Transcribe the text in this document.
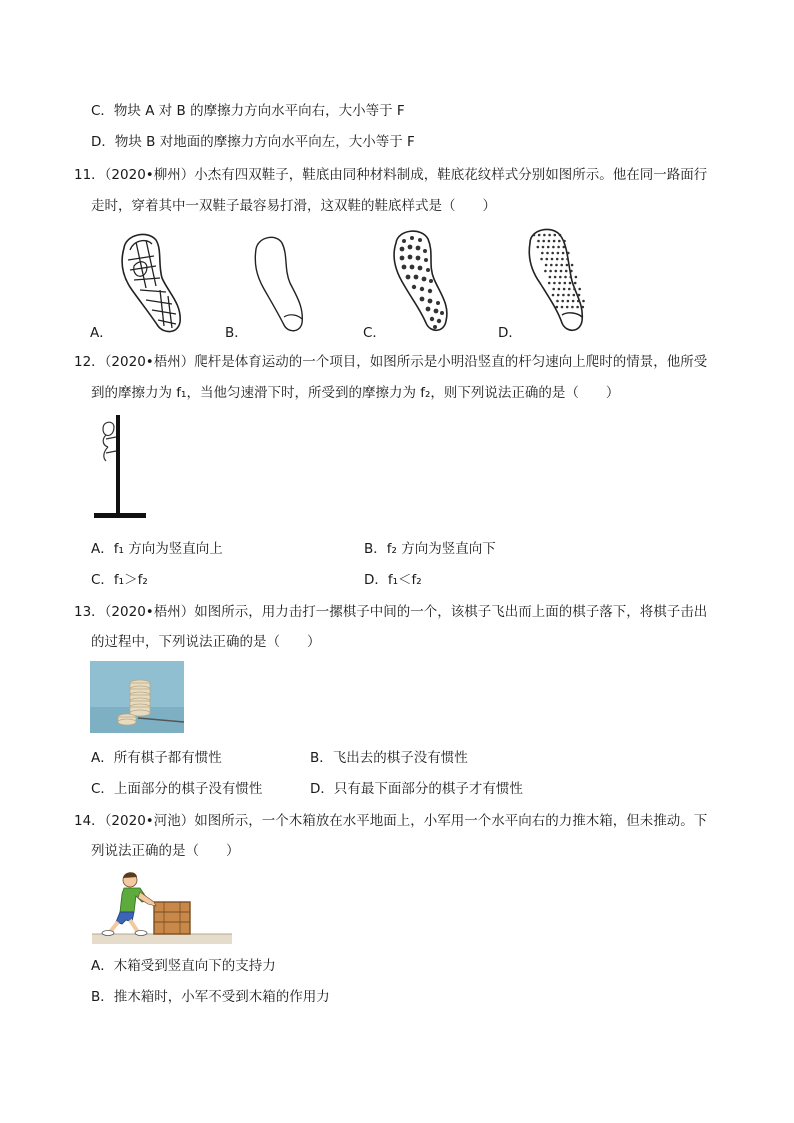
C．物块 A 对 B 的摩擦力方向水平向右，大小等于 F
D．物块 B 对地面的摩擦力方向水平向左，大小等于 F
11．（2020•柳州）小杰有四双鞋子，鞋底由同种材料制成，鞋底花纹样式分别如图所示。他在同一路面行
走时，穿着其中一双鞋子最容易打滑，这双鞋的鞋底样式是（　　）
A．	B．	C．	D．
12．（2020•梧州）爬杆是体育运动的一个项目，如图所示是小明沿竖直的杆匀速向上爬时的情景，他所受
到的摩擦力为 f₁，当他匀速滑下时，所受到的摩擦力为 f₂，则下列说法正确的是（　　）
A．f₁ 方向为竖直向上	B．f₂ 方向为竖直向下
C．f₁＞f₂	D．f₁＜f₂
13．（2020•梧州）如图所示，用力击打一摞棋子中间的一个，该棋子飞出而上面的棋子落下，将棋子击出
的过程中，下列说法正确的是（　　）
A．所有棋子都有惯性	B．飞出去的棋子没有惯性
C．上面部分的棋子没有惯性	D．只有最下面部分的棋子才有惯性
14．（2020•河池）如图所示，一个木箱放在水平地面上，小军用一个水平向右的力推木箱，但未推动。下
列说法正确的是（　　）
A．木箱受到竖直向下的支持力
B．推木箱时，小军不受到木箱的作用力
